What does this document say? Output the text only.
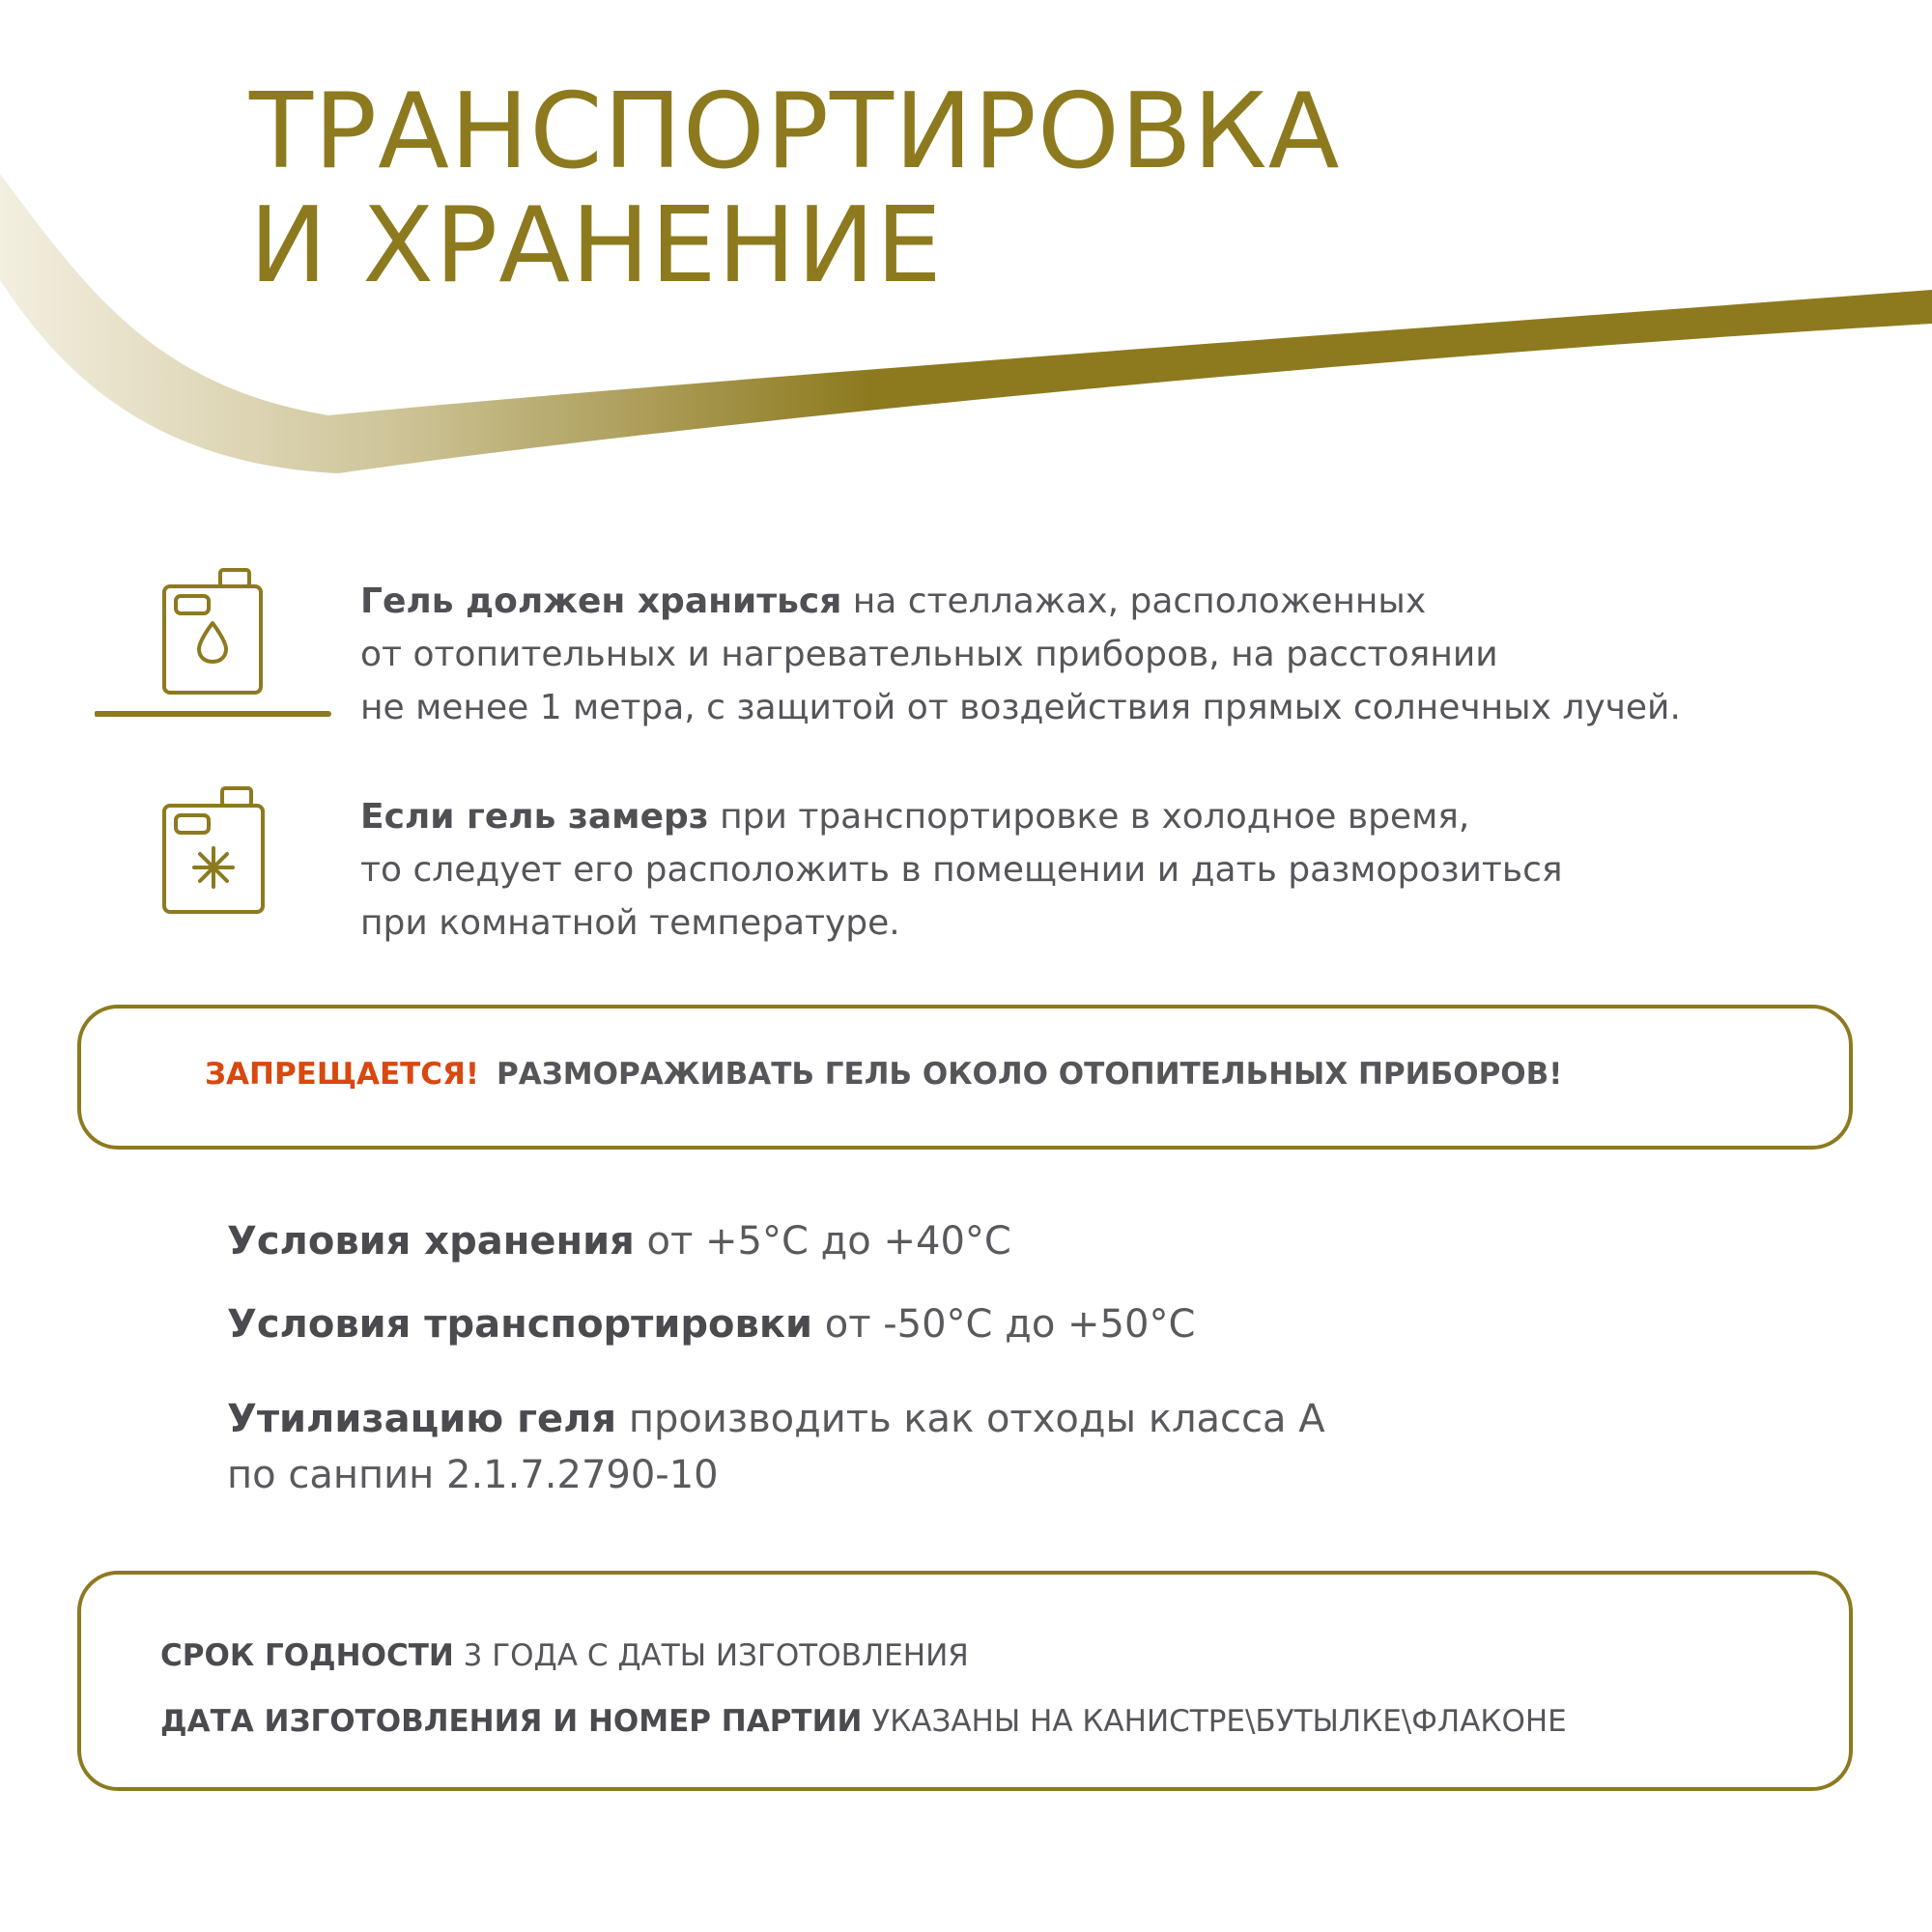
ТРАНСПОРТИРОВКА
И ХРАНЕНИЕ
Гель должен храниться на стеллажах, расположенных
от отопительных и нагревательных приборов, на расстоянии
не менее 1 метра, с защитой от воздействия прямых солнечных лучей.
Если гель замерз при транспортировке в холодное время,
то следует его расположить в помещении и дать разморозиться
при комнатной температуре.
ЗАПРЕЩАЕТСЯ! РАЗМОРАЖИВАТЬ ГЕЛЬ ОКОЛО ОТОПИТЕЛЬНЫХ ПРИБОРОВ!
Условия хранения от +5°С до +40°С
Условия транспортировки от -50°С до +50°С
Утилизацию геля производить как отходы класса А
по санпин 2.1.7.2790-10
СРОК ГОДНОСТИ 3 ГОДА С ДАТЫ ИЗГОТОВЛЕНИЯ
ДАТА ИЗГОТОВЛЕНИЯ И НОМЕР ПАРТИИ УКАЗАНЫ НА КАНИСТРЕ\БУТЫЛКЕ\ФЛАКОНЕ
